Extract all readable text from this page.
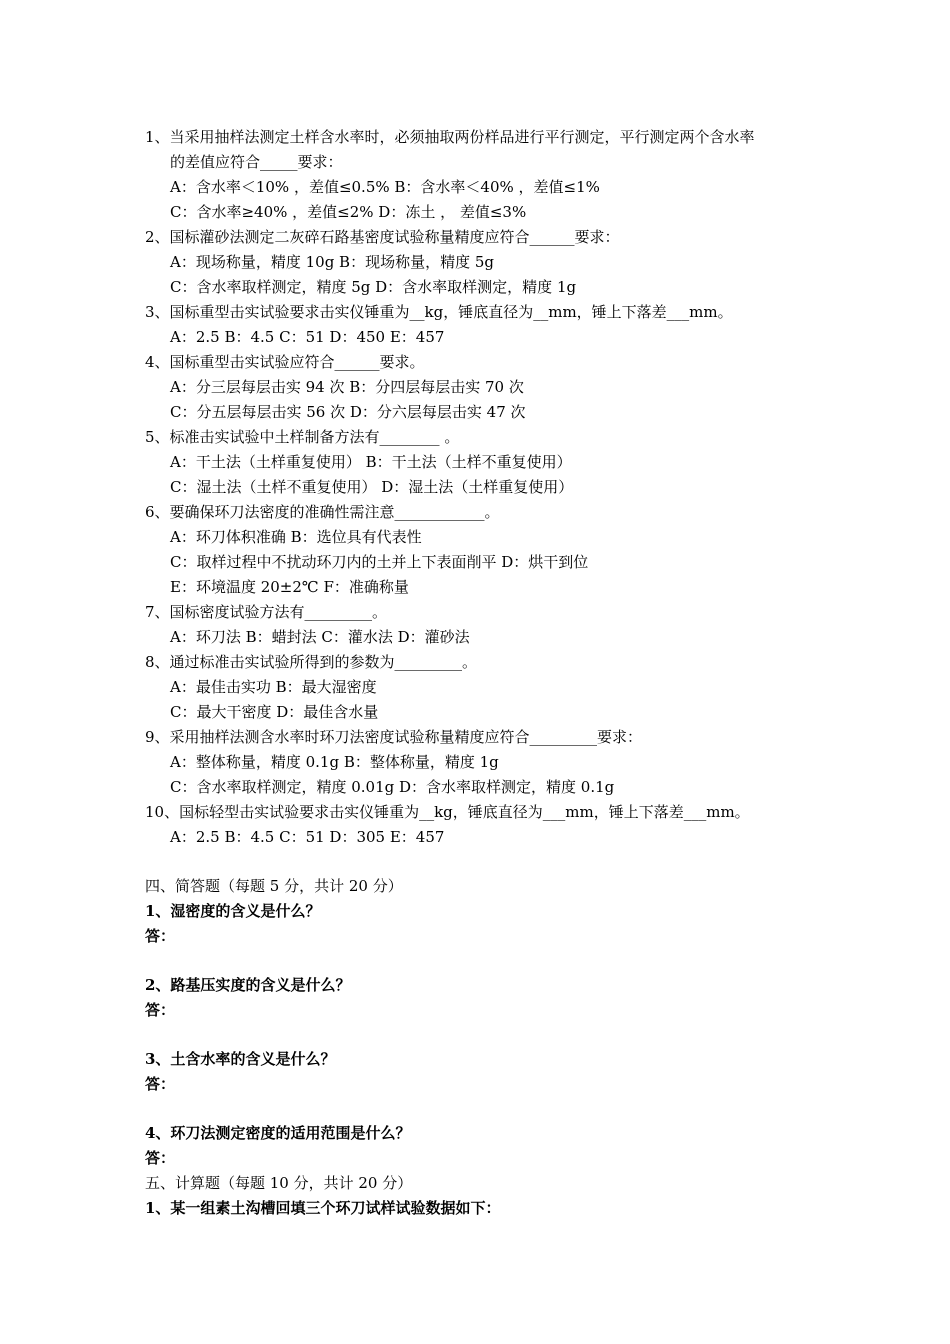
1、当采用抽样法测定土样含水率时，必须抽取两份样品进行平行测定，平行测定两个含水率
的差值应符合_____要求：
A：含水率＜10% ，差值≤0.5% B：含水率＜40% ，差值≤1%
C：含水率≥40% ，差值≤2% D：冻土 ， 差值≤3%
2、国标灌砂法测定二灰碎石路基密度试验称量精度应符合______要求：
A：现场称量，精度 10g B：现场称量，精度 5g
C：含水率取样测定，精度 5g D：含水率取样测定，精度 1g
3、国标重型击实试验要求击实仪锤重为__kg，锤底直径为__mm，锤上下落差___mm。
A：2.5 B：4.5 C：51 D：450 E：457
4、国标重型击实试验应符合______要求。
A：分三层每层击实 94 次 B：分四层每层击实 70 次
C：分五层每层击实 56 次 D：分六层每层击实 47 次
5、标准击实试验中土样制备方法有________ 。
A：干土法（土样重复使用） B：干土法（土样不重复使用）
C：湿土法（土样不重复使用） D：湿土法（土样重复使用）
6、要确保环刀法密度的准确性需注意____________。
A：环刀体积准确 B：选位具有代表性
C：取样过程中不扰动环刀内的土并上下表面削平 D：烘干到位
E：环境温度 20±2℃ F：准确称量
7、国标密度试验方法有_________。
A：环刀法 B：蜡封法 C：灌水法 D：灌砂法
8、通过标准击实试验所得到的参数为_________。
A：最佳击实功 B：最大湿密度
C：最大干密度 D：最佳含水量
9、采用抽样法测含水率时环刀法密度试验称量精度应符合_________要求：
A：整体称量，精度 0.1g B：整体称量，精度 1g
C：含水率取样测定，精度 0.01g D：含水率取样测定，精度 0.1g
10、国标轻型击实试验要求击实仪锤重为__kg，锤底直径为___mm，锤上下落差___mm。
A：2.5 B：4.5 C：51 D：305 E：457
四、简答题（每题 5 分，共计 20 分）
1、湿密度的含义是什么？
答：
2、路基压实度的含义是什么？
答：
3、土含水率的含义是什么？
答：
4、环刀法测定密度的适用范围是什么？
答：
五、计算题（每题 10 分，共计 20 分）
1、某一组素土沟槽回填三个环刀试样试验数据如下：
